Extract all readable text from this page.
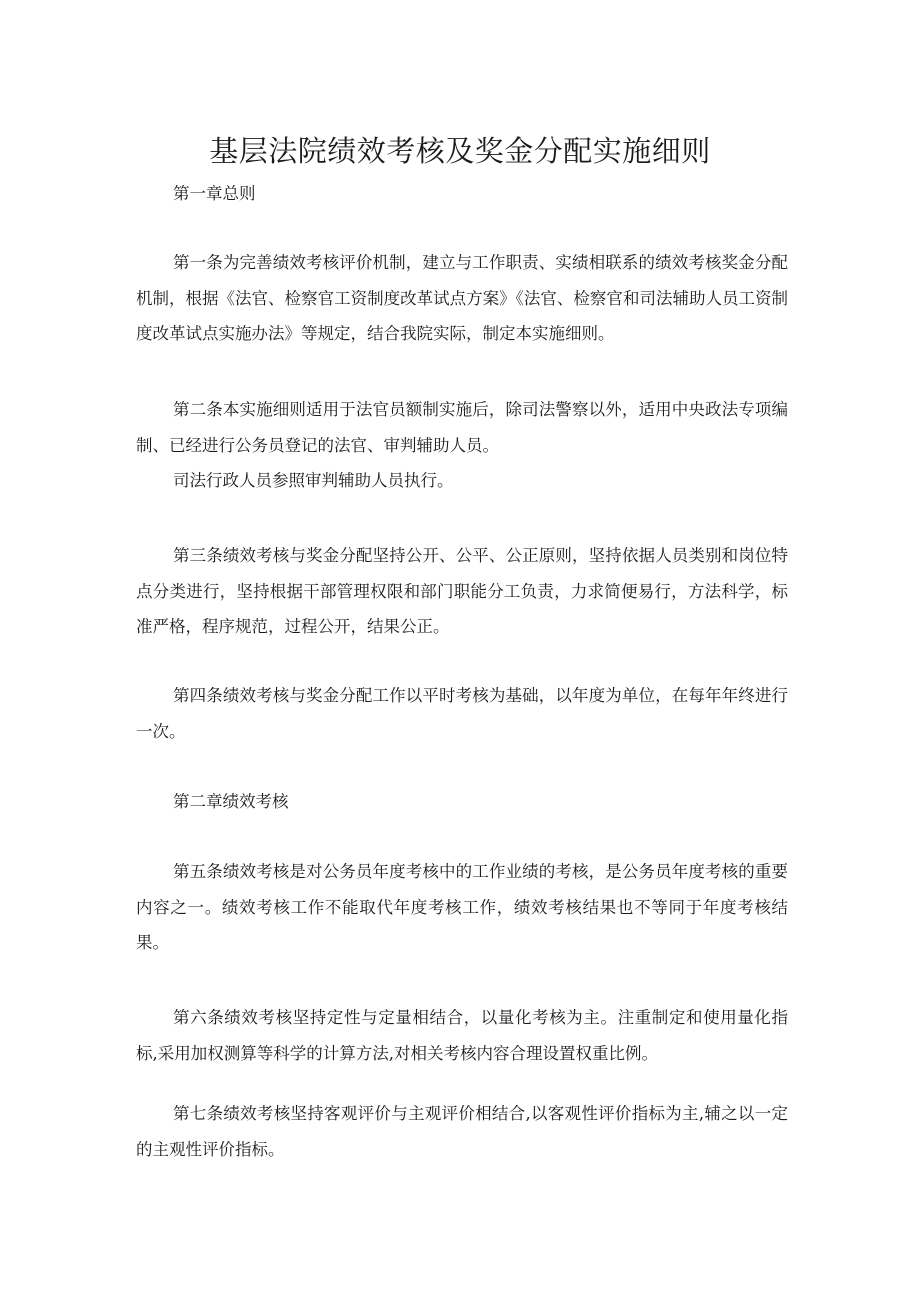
基层法院绩效考核及奖金分配实施细则
第一章总则

第一条为完善绩效考核评价机制，建立与工作职责、实绩相联系的绩效考核奖金分配机制，根据《法官、检察官工资制度改革试点方案》《法官、检察官和司法辅助人员工资制度改革试点实施办法》等规定，结合我院实际，制定本实施细则。

第二条本实施细则适用于法官员额制实施后，除司法警察以外，适用中央政法专项编制、已经进行公务员登记的法官、审判辅助人员。

司法行政人员参照审判辅助人员执行。

第三条绩效考核与奖金分配坚持公开、公平、公正原则，坚持依据人员类别和岗位特点分类进行，坚持根据干部管理权限和部门职能分工负责，力求简便易行，方法科学，标准严格，程序规范，过程公开，结果公正。

第四条绩效考核与奖金分配工作以平时考核为基础，以年度为单位，在每年年终进行一次。

第二章绩效考核

第五条绩效考核是对公务员年度考核中的工作业绩的考核，是公务员年度考核的重要内容之一。绩效考核工作不能取代年度考核工作，绩效考核结果也不等同于年度考核结果。

第六条绩效考核坚持定性与定量相结合，以量化考核为主。注重制定和使用量化指标,采用加权测算等科学的计算方法,对相关考核内容合理设置权重比例。

第七条绩效考核坚持客观评价与主观评价相结合,以客观性评价指标为主,辅之以一定的主观性评价指标。
